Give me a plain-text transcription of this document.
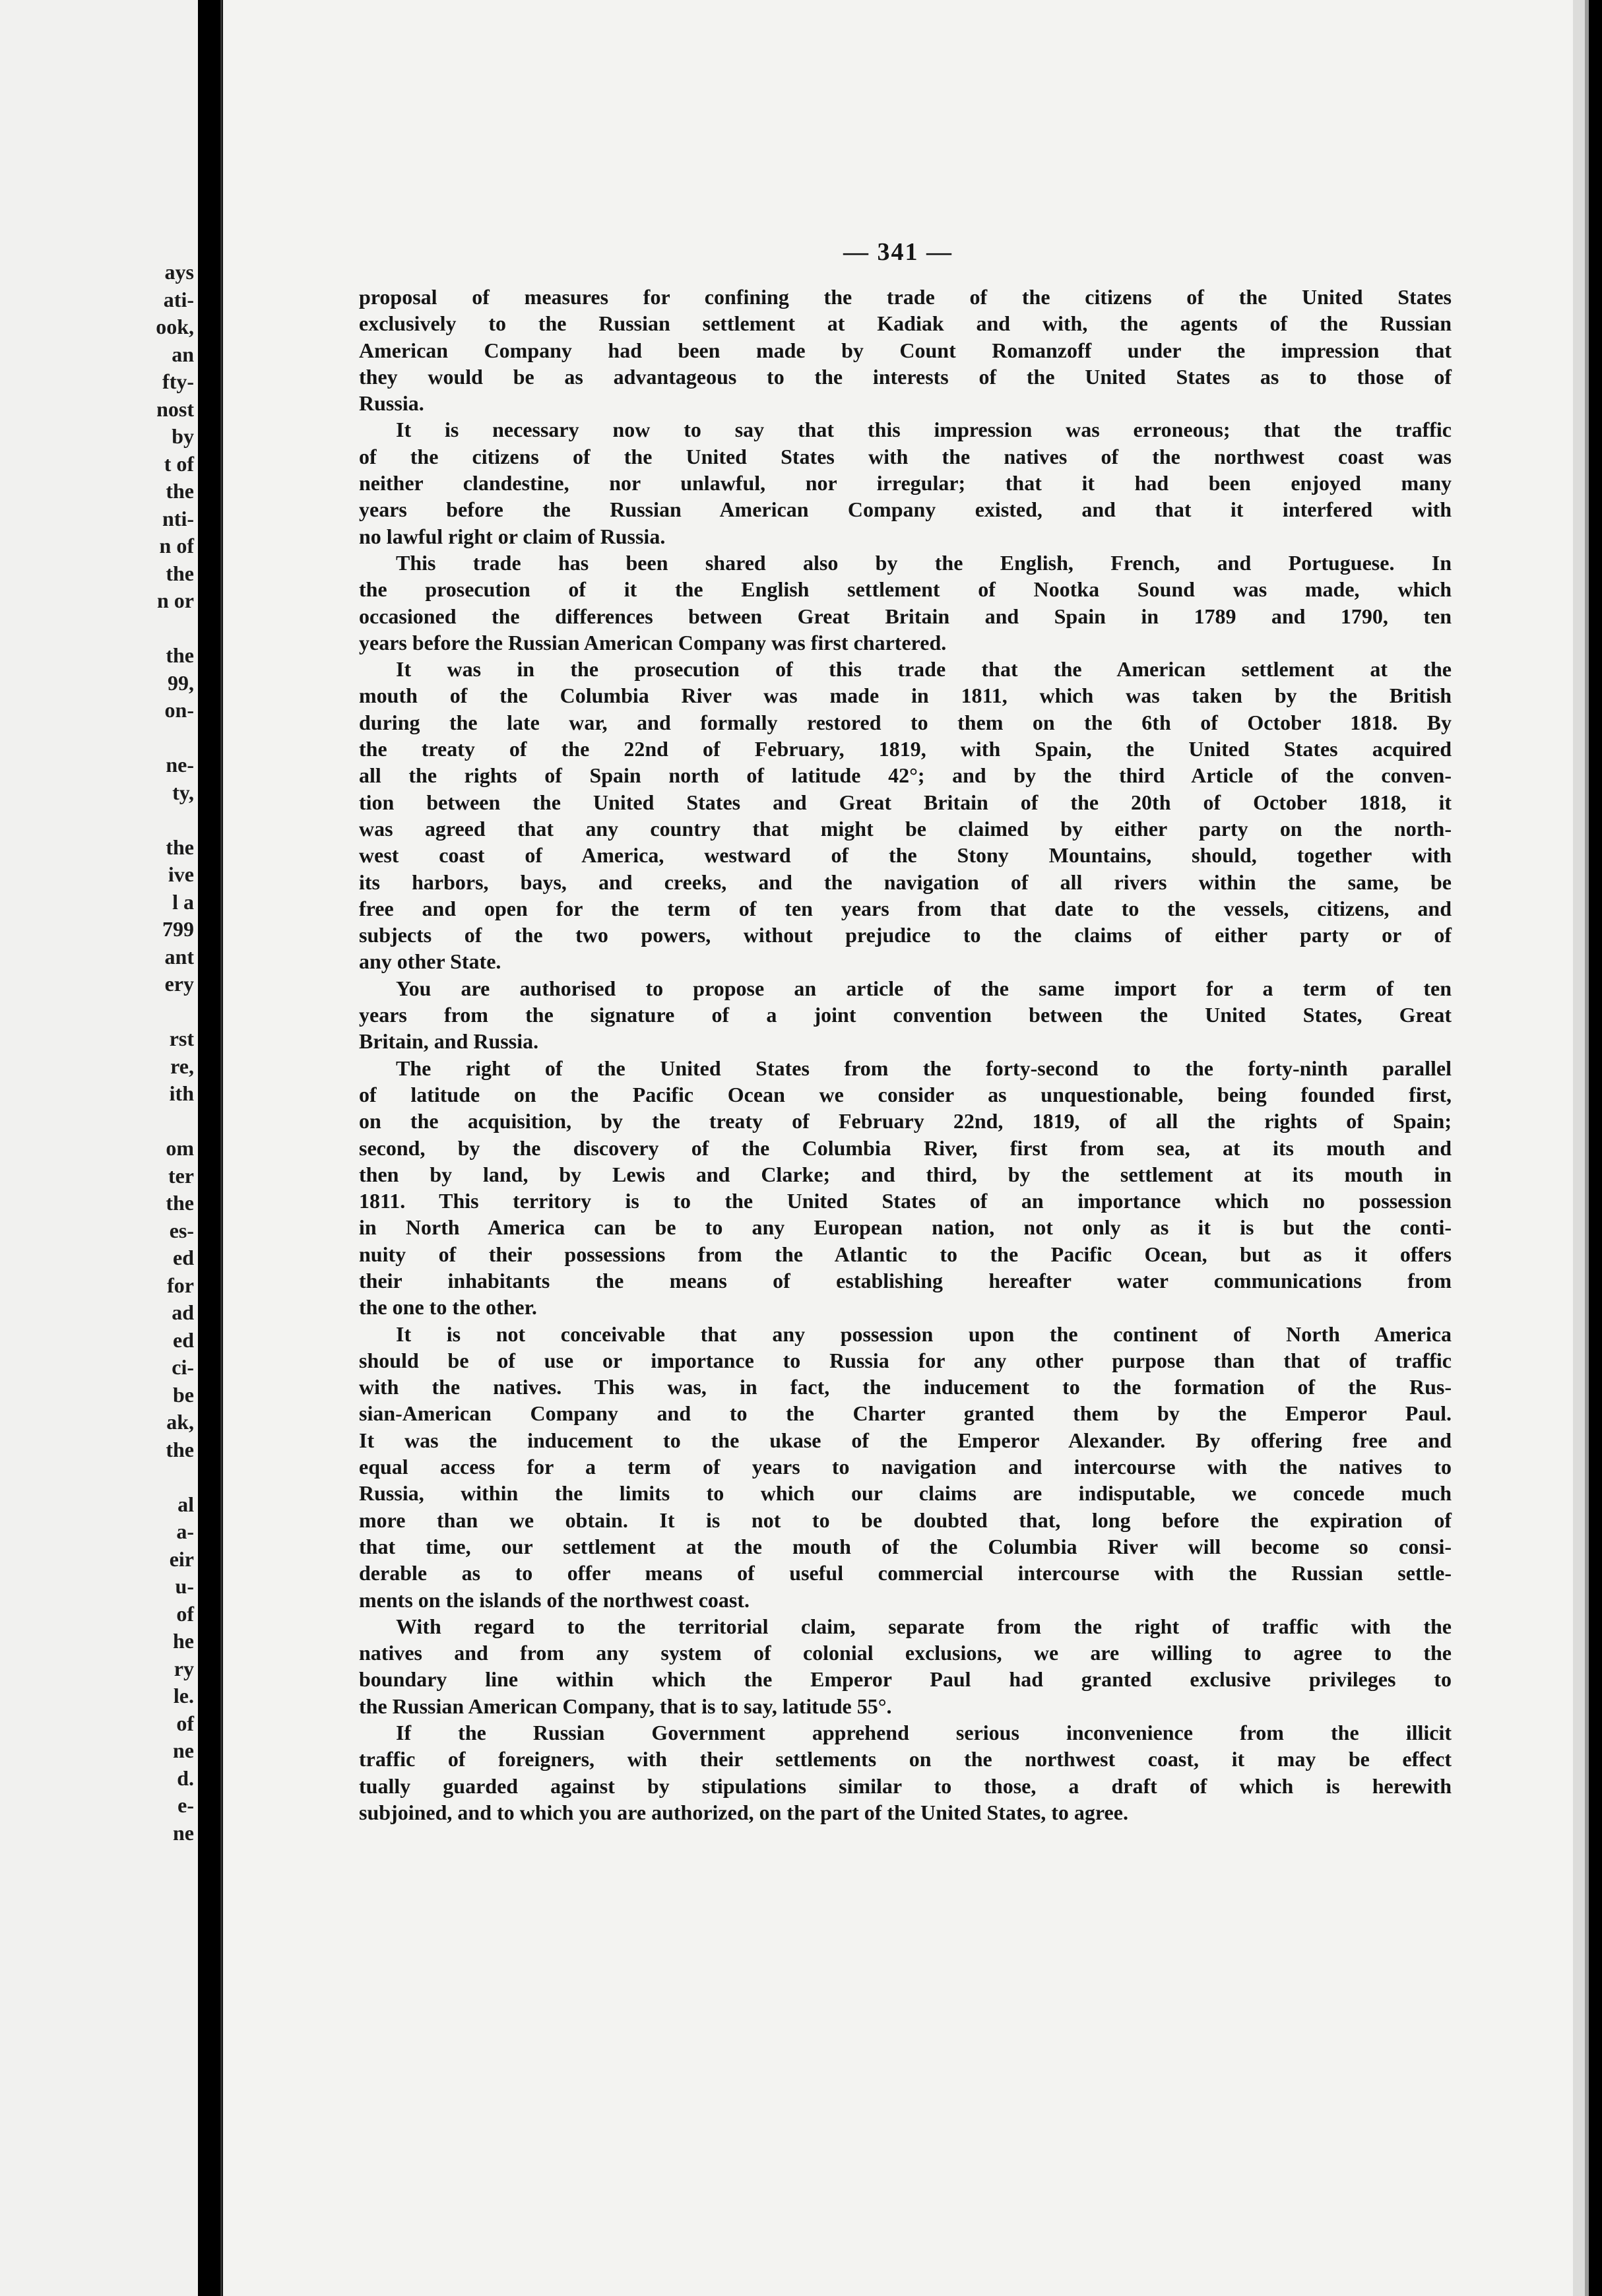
ays
ati-
ook,
an
fty-
nost
by
t of
the
nti-
n of
the
n or
the
99,
on-
ne-
ty,
the
ive
l a
799
ant
ery
rst
re,
ith
om
ter
the
es-
ed
for
ad
ed
ci-
be
ak,
the
al
a-
eir
u-
of
he
ry
le.
of
ne
d.
e-
ne
— 341 —
proposal of measures for confining the trade of the citizens of the United States
exclusively to the Russian settlement at Kadiak and with, the agents of the Russian
American Company had been made by Count Romanzoff under the impression that
they would be as advantageous to the interests of the United States as to those of
Russia.
It is necessary now to say that this impression was erroneous; that the traffic
of the citizens of the United States with the natives of the northwest coast was
neither clandestine, nor unlawful, nor irregular; that it had been enjoyed many
years before the Russian American Company existed, and that it interfered with
no lawful right or claim of Russia.
This trade has been shared also by the English, French, and Portuguese. In
the prosecution of it the English settlement of Nootka Sound was made, which
occasioned the differences between Great Britain and Spain in 1789 and 1790, ten
years before the Russian American Company was first chartered.
It was in the prosecution of this trade that the American settlement at the
mouth of the Columbia River was made in 1811, which was taken by the British
during the late war, and formally restored to them on the 6th of October 1818. By
the treaty of the 22nd of February, 1819, with Spain, the United States acquired
all the rights of Spain north of latitude 42°; and by the third Article of the conven-
tion between the United States and Great Britain of the 20th of October 1818, it
was agreed that any country that might be claimed by either party on the north-
west coast of America, westward of the Stony Mountains, should, together with
its harbors, bays, and creeks, and the navigation of all rivers within the same, be
free and open for the term of ten years from that date to the vessels, citizens, and
subjects of the two powers, without prejudice to the claims of either party or of
any other State.
You are authorised to propose an article of the same import for a term of ten
years from the signature of a joint convention between the United States, Great
Britain, and Russia.
The right of the United States from the forty-second to the forty-ninth parallel
of latitude on the Pacific Ocean we consider as unquestionable, being founded first,
on the acquisition, by the treaty of February 22nd, 1819, of all the rights of Spain;
second, by the discovery of the Columbia River, first from sea, at its mouth and
then by land, by Lewis and Clarke; and third, by the settlement at its mouth in
1811. This territory is to the United States of an importance which no possession
in North America can be to any European nation, not only as it is but the conti-
nuity of their possessions from the Atlantic to the Pacific Ocean, but as it offers
their inhabitants the means of establishing hereafter water communications from
the one to the other.
It is not conceivable that any possession upon the continent of North America
should be of use or importance to Russia for any other purpose than that of traffic
with the natives. This was, in fact, the inducement to the formation of the Rus-
sian-American Company and to the Charter granted them by the Emperor Paul.
It was the inducement to the ukase of the Emperor Alexander. By offering free and
equal access for a term of years to navigation and intercourse with the natives to
Russia, within the limits to which our claims are indisputable, we concede much
more than we obtain. It is not to be doubted that, long before the expiration of
that time, our settlement at the mouth of the Columbia River will become so consi-
derable as to offer means of useful commercial intercourse with the Russian settle-
ments on the islands of the northwest coast.
With regard to the territorial claim, separate from the right of traffic with the
natives and from any system of colonial exclusions, we are willing to agree to the
boundary line within which the Emperor Paul had granted exclusive privileges to
the Russian American Company, that is to say, latitude 55°.
If the Russian Government apprehend serious inconvenience from the illicit
traffic of foreigners, with their settlements on the northwest coast, it may be effect
tually guarded against by stipulations similar to those, a draft of which is herewith
subjoined, and to which you are authorized, on the part of the United States, to agree.
